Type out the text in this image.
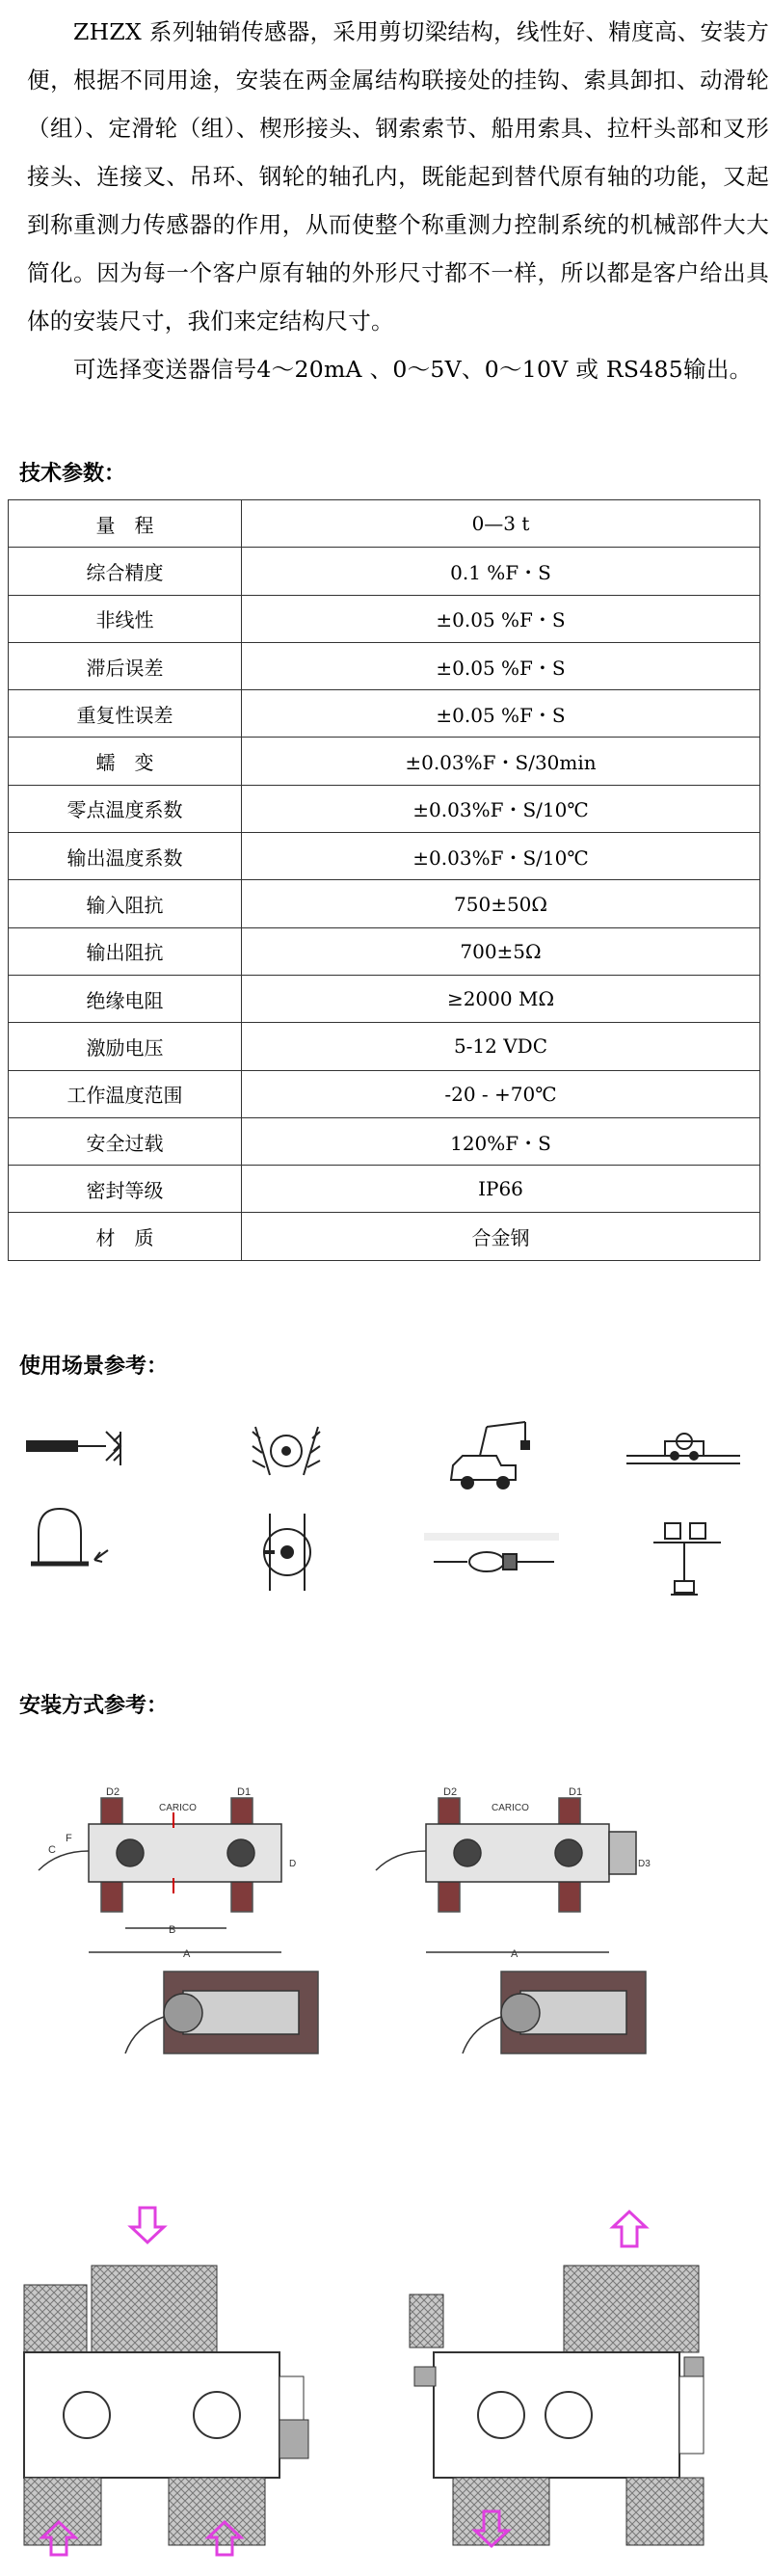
ZHZX 系列轴销传感器，采用剪切梁结构，线性好、精度高、安装方便，根据不同用途，安装在两金属结构联接处的挂钩、索具卸扣、动滑轮（组）、定滑轮（组）、楔形接头、钢索索节、船用索具、拉杆头部和叉形接头、连接叉、吊环、钢轮的轴孔内，既能起到替代原有轴的功能，又起到称重测力传感器的作用，从而使整个称重测力控制系统的机械部件大大简化。因为每一个客户原有轴的外形尺寸都不一样，所以都是客户给出具体的安装尺寸，我们来定结构尺寸。

可选择变送器信号4～20mA 、0～5V、0～10V 或 RS485输出。

技术参数：
量　程	0—3 t
综合精度	0.1 %F・S
非线性	±0.05 %F・S
滞后误差	±0.05 %F・S
重复性误差	±0.05 %F・S
蠕　变	±0.03%F・S/30min
零点温度系数	±0.03%F・S/10℃
输出温度系数	±0.03%F・S/10℃
输入阻抗	750±50Ω
输出阻抗	700±5Ω
绝缘电阻	≥2000 MΩ
激励电压	5-12 VDC
工作温度范围	-20 - +70℃
安全过载	120%F・S
密封等级	IP66
材　质	合金钢
使用场景参考：
安装方式参考：
D2	D1
CARICO
C
F
B
A
D
D2	D1
CARICO
D3
A
